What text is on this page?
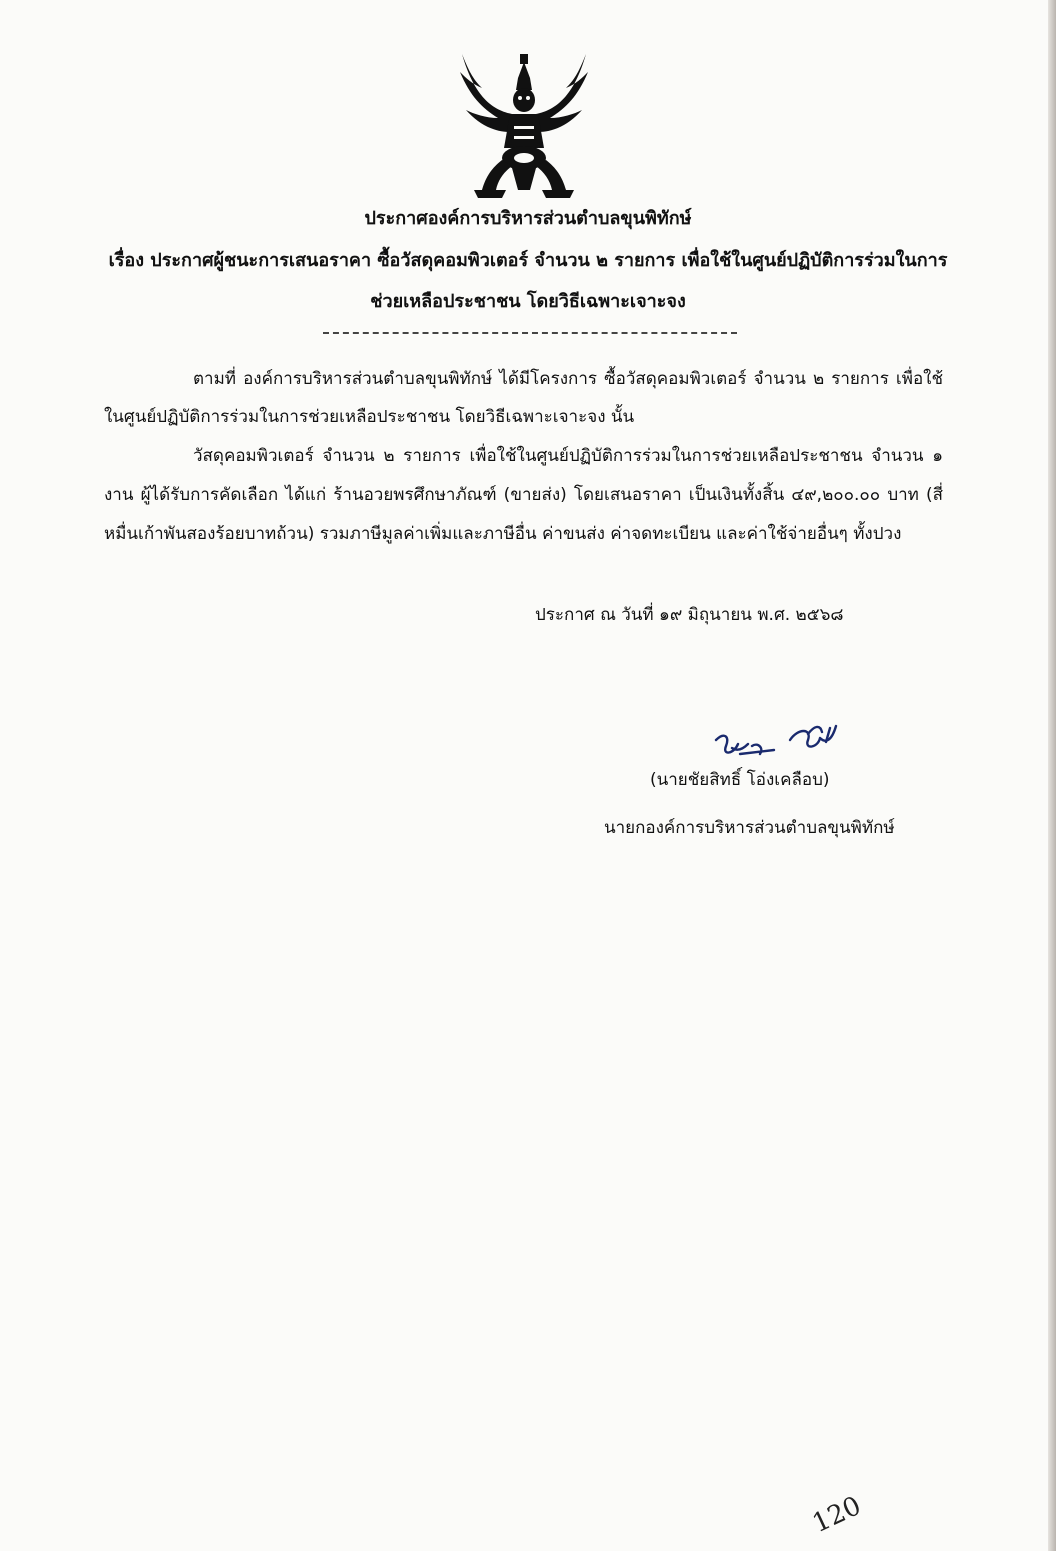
ประกาศองค์การบริหารส่วนตำบลขุนพิทักษ์
เรื่อง ประกาศผู้ชนะการเสนอราคา ซื้อวัสดุคอมพิวเตอร์ จำนวน ๒ รายการ เพื่อใช้ในศูนย์ปฏิบัติการร่วมในการ
ช่วยเหลือประชาชน โดยวิธีเฉพาะเจาะจง
ตามที่ องค์การบริหารส่วนตำบลขุนพิทักษ์ ได้มีโครงการ ซื้อวัสดุคอมพิวเตอร์ จำนวน ๒ รายการ เพื่อใช้
ในศูนย์ปฏิบัติการร่วมในการช่วยเหลือประชาชน โดยวิธีเฉพาะเจาะจง นั้น
วัสดุคอมพิวเตอร์ จำนวน ๒ รายการ เพื่อใช้ในศูนย์ปฏิบัติการร่วมในการช่วยเหลือประชาชน จำนวน ๑
งาน ผู้ได้รับการคัดเลือก ได้แก่ ร้านอวยพรศึกษาภัณฑ์ (ขายส่ง) โดยเสนอราคา เป็นเงินทั้งสิ้น ๔๙,๒๐๐.๐๐ บาท (สี่
หมื่นเก้าพันสองร้อยบาทถ้วน) รวมภาษีมูลค่าเพิ่มและภาษีอื่น ค่าขนส่ง ค่าจดทะเบียน และค่าใช้จ่ายอื่นๆ ทั้งปวง
ประกาศ ณ วันที่ ๑๙ มิถุนายน พ.ศ. ๒๕๖๘
(นายชัยสิทธิ์ โอ่งเคลือบ)
นายกองค์การบริหารส่วนตำบลขุนพิทักษ์
120
